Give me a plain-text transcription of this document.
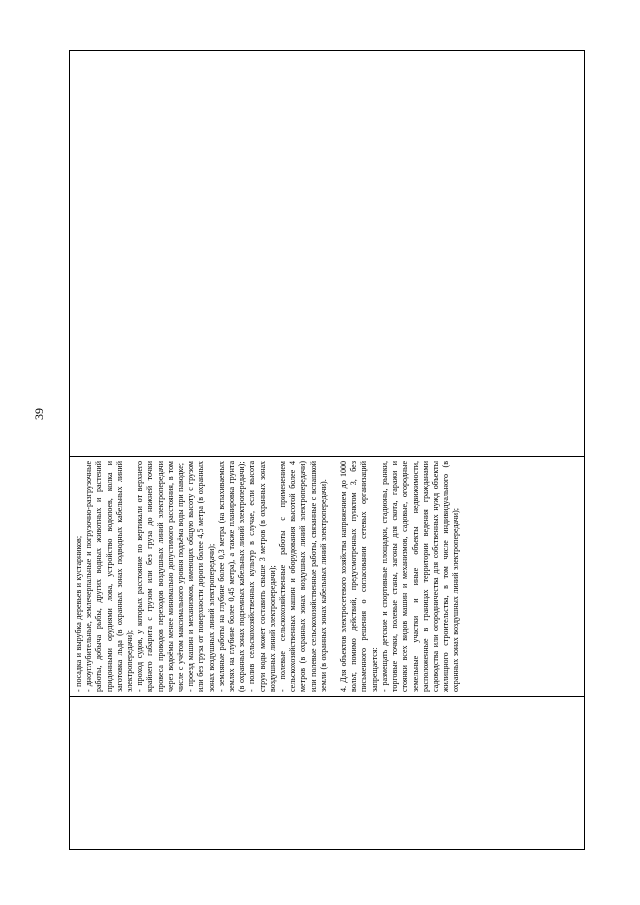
39

- посадка и вырубка деревьев и кустарников; - дноуглубительные, землечерпальные и погрузочно-разгрузочные работы, добыча рыбы, других водных животных и растений придонными орудиями лова, устройство водопоев, колка и заготовка льда (в охранных зонах подводных кабельных линий электропередачи); - проход судов, у которых расстояние по вертикали от верхнего крайнего габарита с грузом или без груза до нижней точки провеса проводов переходов воздушных линий электропередачи через водоёмы менее минимально допустимого расстояния, в том числе с учётом максимального уровня подъёма воды при паводке; - проезд машин и механизмов, имеющих общую высоту с грузом или без груза от поверхности дороги более 4,5 метра (в охранных зонах воздушных линий электропередачи); - земляные работы на глубине более 0,3 метра (на вспахиваемых землях на глубине более 0,45 метра), а также планировка грунта (в охранных зонах подземных кабельных линий электропередачи); - полив сельскохозяйственных культур в случае, если высота струи воды может составить свыше 3 метров (в охранных зонах воздушных линий электропередачи); - полевые сельскохозяйственные работы с применением сельскохозяйственных машин и оборудования высотой более 4 метров (в охранных зонах воздушных линий электропередачи) или полевые сельскохозяйственные работы, связанные с вспашкой земли (в охранных зонах кабельных линий электропередачи). 4. Для объектов электросетевого хозяйства напряжением до 1000 вольт, помимо действий, предусмотренных пунктом 3, без письменного решения о согласовании сетевых организаций запрещается: - размещать детские и спортивные площадки, стадионы, рынки, торговые точки, полевые станы, загоны для скота, гаражи и стоянки всех видов машин и механизмов, садовые, огородные земельные участки и иные объекты недвижимости, расположенные в границах территории ведения гражданами садоводства или огородничества для собственных нужд объекты жилищного строительства, в том числе индивидуального (в охранных зонах воздушных линий электропередачи);
